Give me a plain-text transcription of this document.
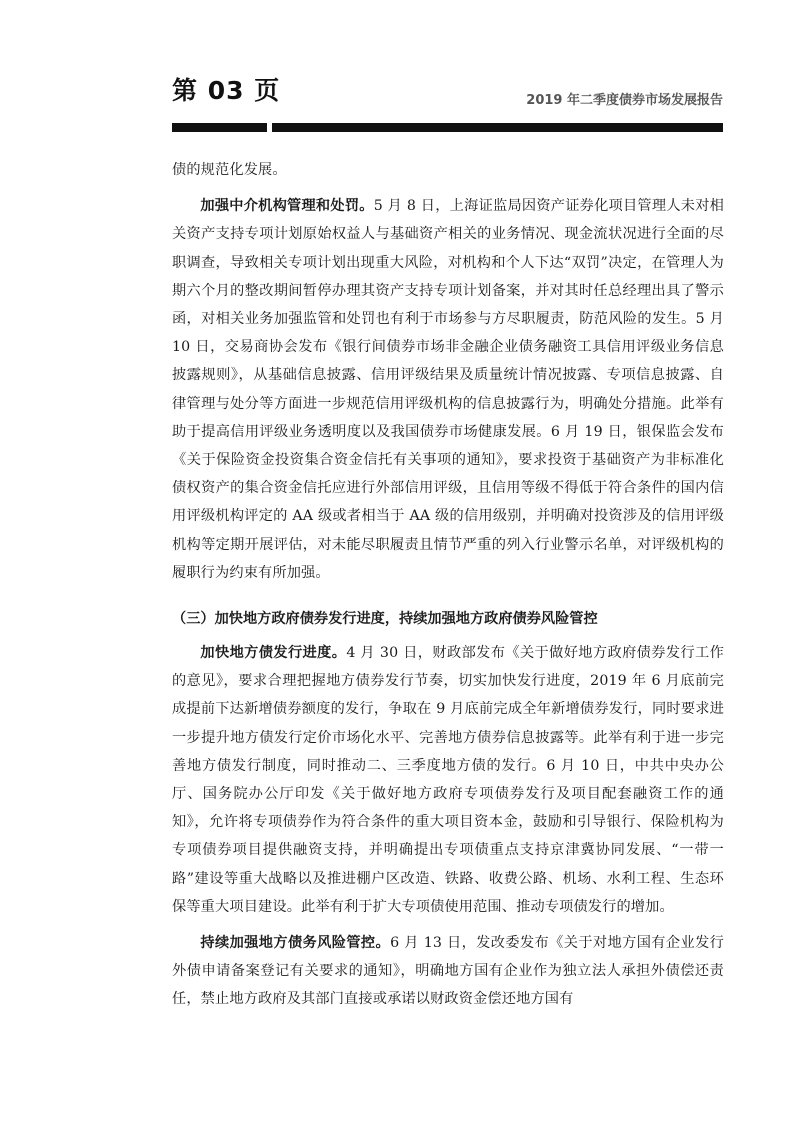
第 03 页	2019 年二季度债券市场发展报告

债的规范化发展。

加强中介机构管理和处罚。5 月 8 日，上海证监局因资产证券化项目管理人未对相关资产支持专项计划原始权益人与基础资产相关的业务情况、现金流状况进行全面的尽职调查，导致相关专项计划出现重大风险，对机构和个人下达“双罚”决定，在管理人为期六个月的整改期间暂停办理其资产支持专项计划备案，并对其时任总经理出具了警示函，对相关业务加强监管和处罚也有利于市场参与方尽职履责，防范风险的发生。5 月 10 日，交易商协会发布《银行间债券市场非金融企业债务融资工具信用评级业务信息披露规则》，从基础信息披露、信用评级结果及质量统计情况披露、专项信息披露、自律管理与处分等方面进一步规范信用评级机构的信息披露行为，明确处分措施。此举有助于提高信用评级业务透明度以及我国债券市场健康发展。6 月 19 日，银保监会发布《关于保险资金投资集合资金信托有关事项的通知》，要求投资于基础资产为非标准化债权资产的集合资金信托应进行外部信用评级，且信用等级不得低于符合条件的国内信用评级机构评定的 AA 级或者相当于 AA 级的信用级别，并明确对投资涉及的信用评级机构等定期开展评估，对未能尽职履责且情节严重的列入行业警示名单，对评级机构的履职行为约束有所加强。

（三）加快地方政府债券发行进度，持续加强地方政府债券风险管控

加快地方债发行进度。4 月 30 日，财政部发布《关于做好地方政府债券发行工作的意见》，要求合理把握地方债券发行节奏，切实加快发行进度，2019 年 6 月底前完成提前下达新增债券额度的发行，争取在 9 月底前完成全年新增债券发行，同时要求进一步提升地方债发行定价市场化水平、完善地方债券信息披露等。此举有利于进一步完善地方债发行制度，同时推动二、三季度地方债的发行。6 月 10 日，中共中央办公厅、国务院办公厅印发《关于做好地方政府专项债券发行及项目配套融资工作的通知》，允许将专项债券作为符合条件的重大项目资本金，鼓励和引导银行、保险机构为专项债券项目提供融资支持，并明确提出专项债重点支持京津冀协同发展、“一带一路”建设等重大战略以及推进棚户区改造、铁路、收费公路、机场、水利工程、生态环保等重大项目建设。此举有利于扩大专项债使用范围、推动专项债发行的增加。

持续加强地方债务风险管控。6 月 13 日，发改委发布《关于对地方国有企业发行外债申请备案登记有关要求的通知》，明确地方国有企业作为独立法人承担外债偿还责任，禁止地方政府及其部门直接或承诺以财政资金偿还地方国有
